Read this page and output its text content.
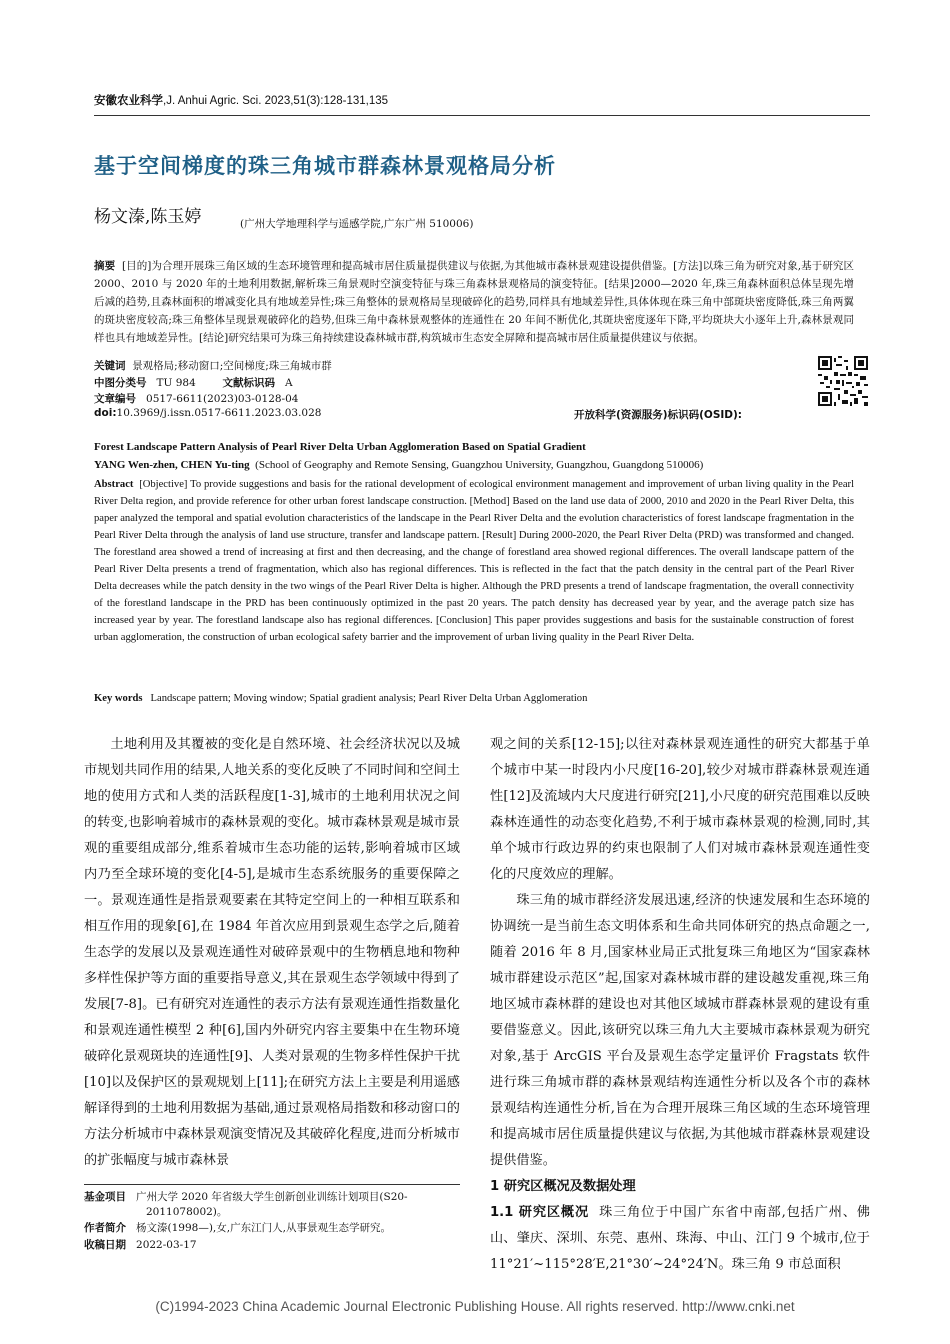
安徽农业科学,J. Anhui Agric. Sci. 2023,51(3):128-131,135
基于空间梯度的珠三角城市群森林景观格局分析
杨文溱,陈玉婷	(广州大学地理科学与遥感学院,广东广州 510006)
摘要 [目的]为合理开展珠三角区域的生态环境管理和提高城市居住质量提供建议与依据,为其他城市森林景观建设提供借鉴。[方法]以珠三角为研究对象,基于研究区 2000、2010 与 2020 年的土地利用数据,解析珠三角景观时空演变特征与珠三角森林景观格局的演变特征。[结果]2000—2020 年,珠三角森林面积总体呈现先增后减的趋势,且森林面积的增减变化具有地域差异性;珠三角整体的景观格局呈现破碎化的趋势,同样具有地域差异性,具体体现在珠三角中部斑块密度降低,珠三角两翼的斑块密度较高;珠三角整体呈现景观破碎化的趋势,但珠三角中森林景观整体的连通性在 20 年间不断优化,其斑块密度逐年下降,平均斑块大小逐年上升,森林景观同样也具有地域差异性。[结论]研究结果可为珠三角持续建设森林城市群,构筑城市生态安全屏障和提高城市居住质量提供建议与依据。
关键词 景观格局;移动窗口;空间梯度;珠三角城市群
中图分类号 TU 984	文献标识码 A
文章编号 0517-6611(2023)03-0128-04
doi:10.3969/j.issn.0517-6611.2023.03.028	开放科学(资源服务)标识码(OSID):
Forest Landscape Pattern Analysis of Pearl River Delta Urban Agglomeration Based on Spatial Gradient
YANG Wen-zhen, CHEN Yu-ting (School of Geography and Remote Sensing, Guangzhou University, Guangzhou, Guangdong 510006)
Abstract [Objective] To provide suggestions and basis for the rational development of ecological environment management and improvement of urban living quality in the Pearl River Delta region, and provide reference for other urban forest landscape construction. [Method] Based on the land use data of 2000, 2010 and 2020 in the Pearl River Delta, this paper analyzed the temporal and spatial evolution characteristics of the landscape in the Pearl River Delta and the evolution characteristics of forest landscape fragmentation in the Pearl River Delta through the analysis of land use structure, transfer and landscape pattern. [Result] During 2000-2020, the Pearl River Delta (PRD) was transformed and changed. The forestland area showed a trend of increasing at first and then decreasing, and the change of forestland area showed regional differences. The overall landscape pattern of the Pearl River Delta presents a trend of fragmentation, which also has regional differences. This is reflected in the fact that the patch density in the central part of the Pearl River Delta decreases while the patch density in the two wings of the Pearl River Delta is higher. Although the PRD presents a trend of landscape fragmentation, the overall connectivity of the forestland landscape in the PRD has been continuously optimized in the past 20 years. The patch density has decreased year by year, and the average patch size has increased year by year. The forestland landscape also has regional differences. [Conclusion] This paper provides suggestions and basis for the sustainable construction of forest urban agglomeration, the construction of urban ecological safety barrier and the improvement of urban living quality in the Pearl River Delta.
Key words Landscape pattern; Moving window; Spatial gradient analysis; Pearl River Delta Urban Agglomeration

土地利用及其覆被的变化是自然环境、社会经济状况以及城市规划共同作用的结果,人地关系的变化反映了不同时间和空间土地的使用方式和人类的活跃程度[1-3],城市的土地利用状况之间的转变,也影响着城市的森林景观的变化。城市森林景观是城市景观的重要组成部分,维系着城市生态功能的运转,影响着城市区域内乃至全球环境的变化[4-5],是城市生态系统服务的重要保障之一。景观连通性是指景观要素在其特定空间上的一种相互联系和相互作用的现象[6],在 1984 年首次应用到景观生态学之后,随着生态学的发展以及景观连通性对破碎景观中的生物栖息地和物种多样性保护等方面的重要指导意义,其在景观生态学领域中得到了发展[7-8]。已有研究对连通性的表示方法有景观连通性指数量化和景观连通性模型 2 种[6],国内外研究内容主要集中在生物环境破碎化景观斑块的连通性[9]、人类对景观的生物多样性保护干扰[10]以及保护区的景观规划上[11];在研究方法上主要是利用遥感解译得到的土地利用数据为基础,通过景观格局指数和移动窗口的方法分析城市中森林景观演变情况及其破碎化程度,进而分析城市的扩张幅度与城市森林景

观之间的关系[12-15];以往对森林景观连通性的研究大都基于单个城市中某一时段内小尺度[16-20],较少对城市群森林景观连通性[12]及流域内大尺度进行研究[21],小尺度的研究范围难以反映森林连通性的动态变化趋势,不利于城市森林景观的检测,同时,其单个城市行政边界的约束也限制了人们对城市森林景观连通性变化的尺度效应的理解。

珠三角的城市群经济发展迅速,经济的快速发展和生态环境的协调统一是当前生态文明体系和生命共同体研究的热点命题之一,随着 2016 年 8 月,国家林业局正式批复珠三角地区为“国家森林城市群建设示范区”起,国家对森林城市群的建设越发重视,珠三角地区城市森林群的建设也对其他区域城市群森林景观的建设有重要借鉴意义。因此,该研究以珠三角九大主要城市森林景观为研究对象,基于 ArcGIS 平台及景观生态学定量评价 Fragstats 软件进行珠三角城市群的森林景观结构连通性分析以及各个市的森林景观结构连通性分析,旨在为合理开展珠三角区域的生态环境管理和提高城市居住质量提供建议与依据,为其他城市群森林景观建设提供借鉴。

1 研究区概况及数据处理

1.1 研究区概况 珠三角位于中国广东省中南部,包括广州、佛山、肇庆、深圳、东莞、惠州、珠海、中山、江门 9 个城市,位于 11°21′~115°28′E,21°30′~24°24′N。珠三角 9 市总面积

基金项目 广州大学 2020 年省级大学生创新创业训练计划项目(S20-
2011078002)。
作者简介 杨文溱(1998—),女,广东江门人,从事景观生态学研究。
收稿日期 2022-03-17
(C)1994-2023 China Academic Journal Electronic Publishing House. All rights reserved. http://www.cnki.net
